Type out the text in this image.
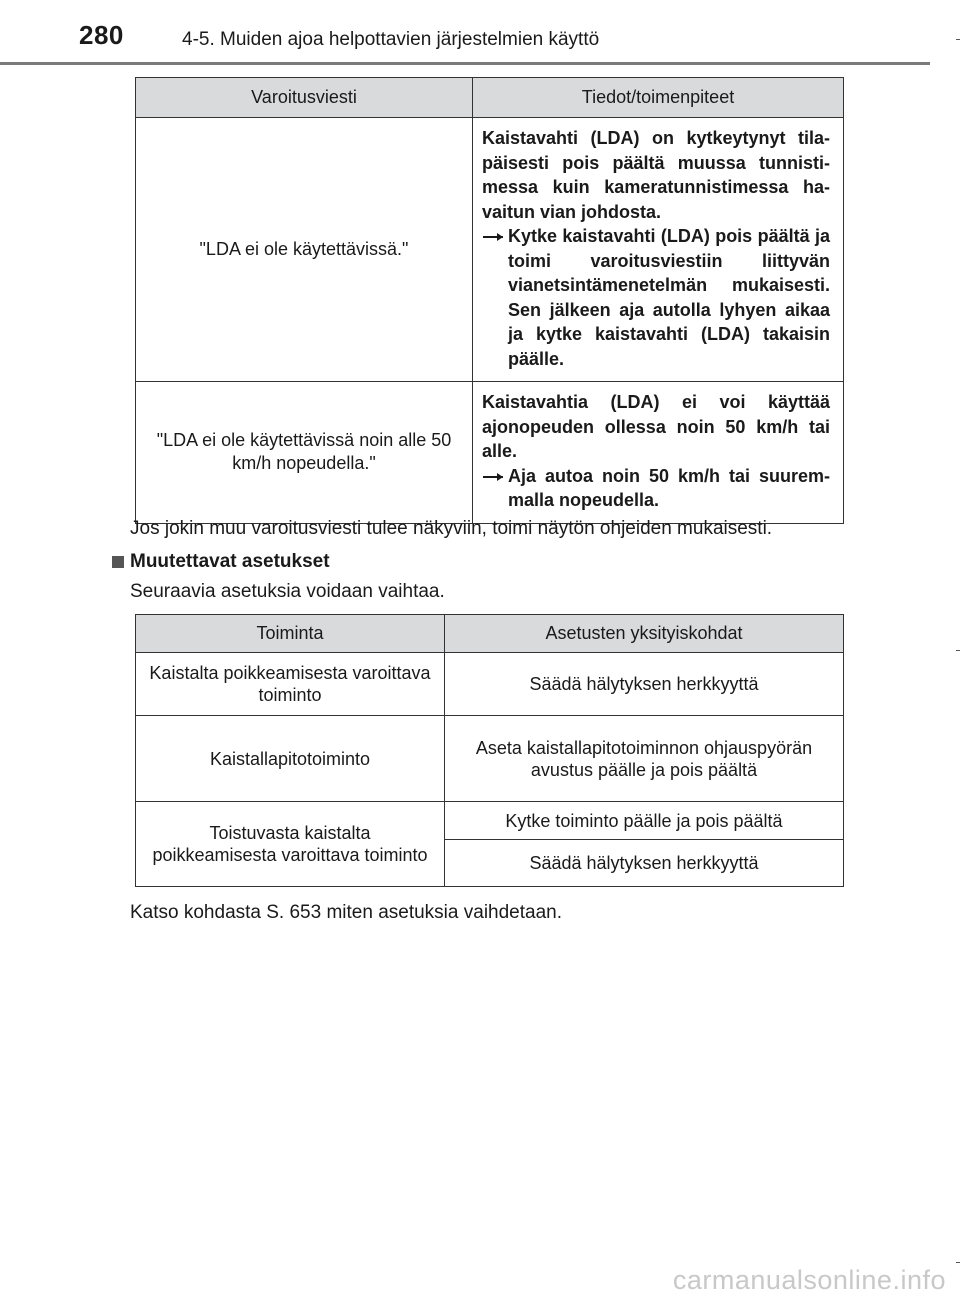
280	4-5. Muiden ajoa helpottavien järjestelmien käyttö
Varoitusviesti	Tiedot/toimenpiteet
"LDA ei ole käytettävissä."	Kaistavahti (LDA) on kytkeytynyt tila-päisesti pois päältä muussa tunnisti-messa kuin kameratunnistimessa ha-vaitun vian johdosta.
Kytke kaistavahti (LDA) pois päältä ja toimi varoitusviestiin liittyvän vianetsintämenetelmän mukaisesti. Sen jälkeen aja autolla lyhyen aikaa ja kytke kaistavahti (LDA) takaisin päälle.

"LDA ei ole käytettävissä noin alle 50 km/h nopeudella."	Kaistavahtia (LDA) ei voi käyttää ajonopeuden ollessa noin 50 km/h tai alle.
Aja autoa noin 50 km/h tai suurem-malla nopeudella.
Jos jokin muu varoitusviesti tulee näkyviin, toimi näytön ohjeiden mukaisesti.
Muutettavat asetukset
Seuraavia asetuksia voidaan vaihtaa.
Toiminta	Asetusten yksityiskohdat
Kaistalta poikkeamisesta varoittava toiminto	Säädä hälytyksen herkkyyttä
Kaistallapitotoiminto	Aseta kaistallapitotoiminnon ohjauspyörän avustus päälle ja pois päältä
Toistuvasta kaistalta poikkeamisesta varoittava toiminto	Kytke toiminto päälle ja pois päältä
	Säädä hälytyksen herkkyyttä
Katso kohdasta S. 653 miten asetuksia vaihdetaan.
carmanualsonline.info
